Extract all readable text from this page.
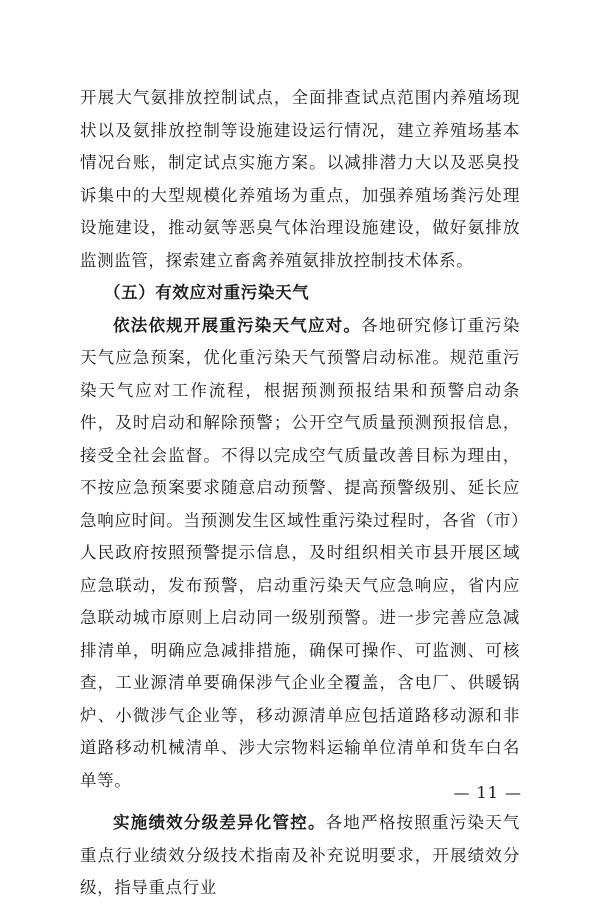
开展大气氨排放控制试点，全面排查试点范围内养殖场现状以及氨排放控制等设施建设运行情况，建立养殖场基本情况台账，制定试点实施方案。以减排潜力大以及恶臭投诉集中的大型规模化养殖场为重点，加强养殖场粪污处理设施建设，推动氨等恶臭气体治理设施建设，做好氨排放监测监管，探索建立畜禽养殖氨排放控制技术体系。

（五）有效应对重污染天气

依法依规开展重污染天气应对。各地研究修订重污染天气应急预案，优化重污染天气预警启动标准。规范重污染天气应对工作流程，根据预测预报结果和预警启动条件，及时启动和解除预警；公开空气质量预测预报信息，接受全社会监督。不得以完成空气质量改善目标为理由，不按应急预案要求随意启动预警、提高预警级别、延长应急响应时间。当预测发生区域性重污染过程时，各省（市）人民政府按照预警提示信息，及时组织相关市县开展区域应急联动，发布预警，启动重污染天气应急响应，省内应急联动城市原则上启动同一级别预警。进一步完善应急减排清单，明确应急减排措施，确保可操作、可监测、可核查，工业源清单要确保涉气企业全覆盖，含电厂、供暖锅炉、小微涉气企业等，移动源清单应包括道路移动源和非道路移动机械清单、涉大宗物料运输单位清单和货车白名单等。

实施绩效分级差异化管控。各地严格按照重污染天气重点行业绩效分级技术指南及补充说明要求，开展绩效分级，指导重点行业

— 11 —
